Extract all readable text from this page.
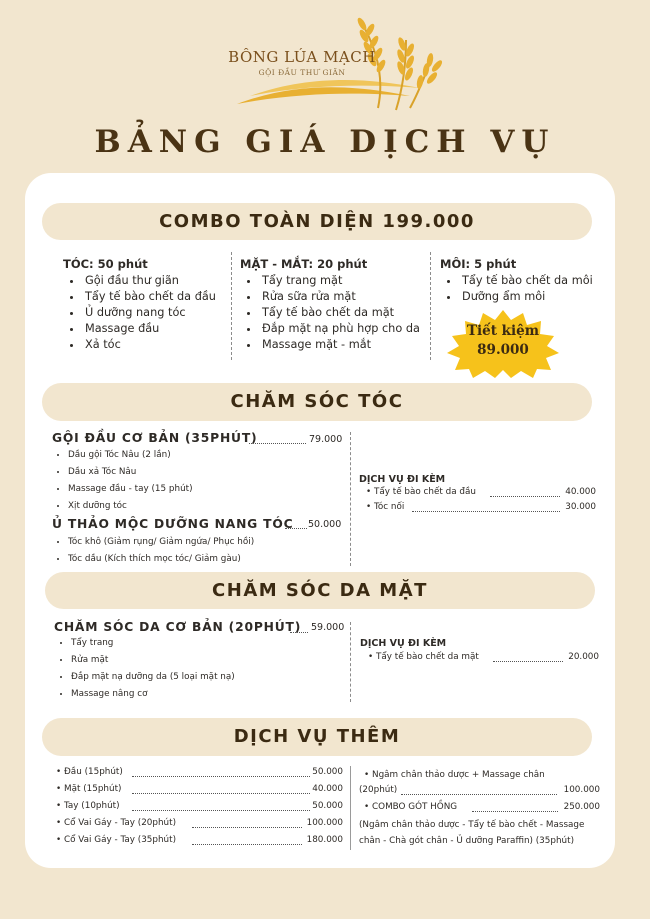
BÔNG LÚA MẠCH
GỘI ĐẦU THƯ GIÃN
BẢNG GIÁ DỊCH VỤ
COMBO TOÀN DIỆN 199.000
TÓC: 50 phút
• Gội đầu thư giãn
• Tẩy tế bào chết da đầu
• Ủ dưỡng nang tóc
• Massage đầu
• Xả tóc
MẶT - MẮT: 20 phút
• Tẩy trang mặt
• Rửa sữa rửa mặt
• Tẩy tế bào chết da mặt
• Đắp mặt nạ phù hợp cho da
• Massage mặt - mắt
MÔI: 5 phút
• Tẩy tế bào chết da môi
• Dưỡng ẩm môi
Tiết kiệm
89.000
CHĂM SÓC TÓC
GỘI ĐẦU CƠ BẢN (35PHÚT)	79.000
• Dầu gội Tóc Nâu (2 lần)
• Dầu xả Tóc Nâu
• Massage đầu - tay (15 phút)
• Xịt dưỡng tóc
Ủ THẢO MỘC DƯỠNG NANG TÓC 50.000
• Tóc khô (Giảm rụng/ Giảm ngứa/ Phục hồi)
• Tóc dầu (Kích thích mọc tóc/ Giảm gàu)
DỊCH VỤ ĐI KÈM
• Tẩy tế bào chết da đầu	40.000
• Tóc nối	30.000
CHĂM SÓC DA MẶT
CHĂM SÓC DA CƠ BẢN (20PHÚT) 59.000
• Tẩy trang
• Rửa mặt
• Đắp mặt nạ dưỡng da (5 loại mặt nạ)
• Massage nâng cơ
DỊCH VỤ ĐI KÈM
• Tẩy tế bào chết da mặt	20.000
DỊCH VỤ THÊM
• Đầu (15phút)	50.000
• Mặt (15phút)	40.000
• Tay (10phút)	50.000
• Cổ Vai Gáy - Tay (20phút)	100.000
• Cổ Vai Gáy - Tay (35phút)	180.000
• Ngâm chân thảo dược + Massage chân
(20phút)	100.000
• COMBO GÓT HỒNG	250.000
(Ngâm chân thảo dược - Tẩy tế bào chết - Massage chân - Chà gót chân - Ủ dưỡng Paraffin) (35phút)
